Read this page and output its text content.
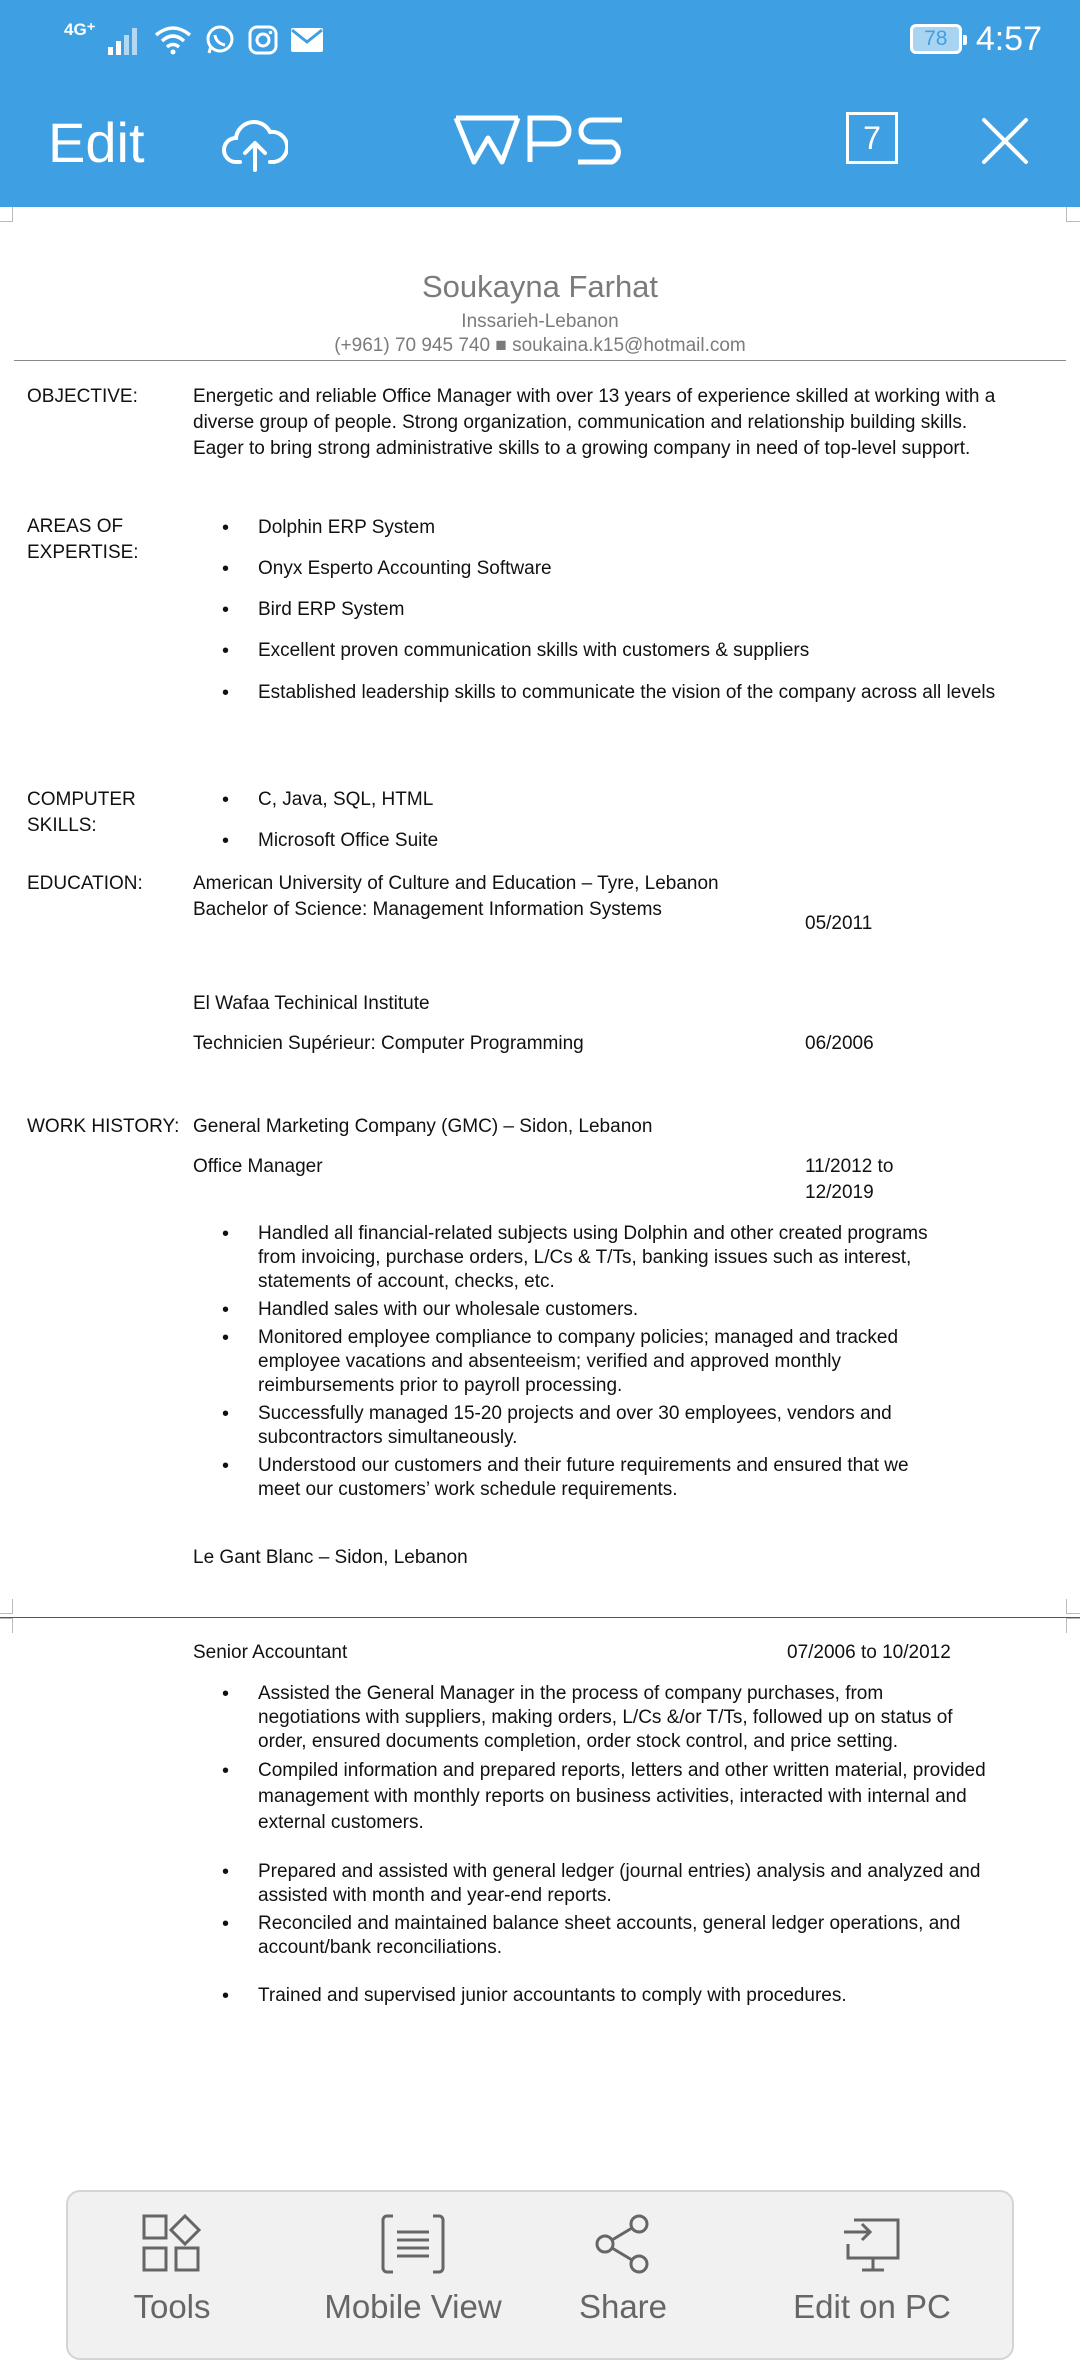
4G⁺	78 4:57
Edit	7
Soukayna Farhat
Inssarieh-Lebanon
(+961) 70 945 740 ■ soukaina.k15@hotmail.com
OBJECTIVE:	Energetic and reliable Office Manager with over 13 years of experience skilled at working with a
diverse group of people. Strong organization, communication and relationship building skills.
Eager to bring strong administrative skills to a growing company in need of top-level support.
AREAS OF
EXPERTISE:
• Dolphin ERP System
• Onyx Esperto Accounting Software
• Bird ERP System
• Excellent proven communication skills with customers & suppliers
• Established leadership skills to communicate the vision of the company across all levels
COMPUTER
SKILLS:
• C, Java, SQL, HTML
• Microsoft Office Suite
EDUCATION:	American University of Culture and Education – Tyre, Lebanon
Bachelor of Science: Management Information Systems
05/2011
El Wafaa Techinical Institute
Technicien Supérieur: Computer Programming	06/2006
WORK HISTORY: General Marketing Company (GMC) – Sidon, Lebanon
Office Manager	11/2012 to
12/2019
• Handled all financial-related subjects using Dolphin and other created programs from invoicing, purchase orders, L/Cs & T/Ts, banking issues such as interest, statements of account, checks, etc.
• Handled sales with our wholesale customers.
• Monitored employee compliance to company policies; managed and tracked employee vacations and absenteeism; verified and approved monthly reimbursements prior to payroll processing.
• Successfully managed 15-20 projects and over 30 employees, vendors and subcontractors simultaneously.
• Understood our customers and their future requirements and ensured that we meet our customers’ work schedule requirements.
Le Gant Blanc – Sidon, Lebanon
Senior Accountant	07/2006 to 10/2012
• Assisted the General Manager in the process of company purchases, from negotiations with suppliers, making orders, L/Cs &/or T/Ts, followed up on status of order, ensured documents completion, order stock control, and price setting.
• Compiled information and prepared reports, letters and other written material, provided management with monthly reports on business activities, interacted with internal and external customers.
• Prepared and assisted with general ledger (journal entries) analysis and analyzed and assisted with month and year-end reports.
• Reconciled and maintained balance sheet accounts, general ledger operations, and account/bank reconciliations.
• Trained and supervised junior accountants to comply with procedures.
Tools	Mobile View	Share	Edit on PC
